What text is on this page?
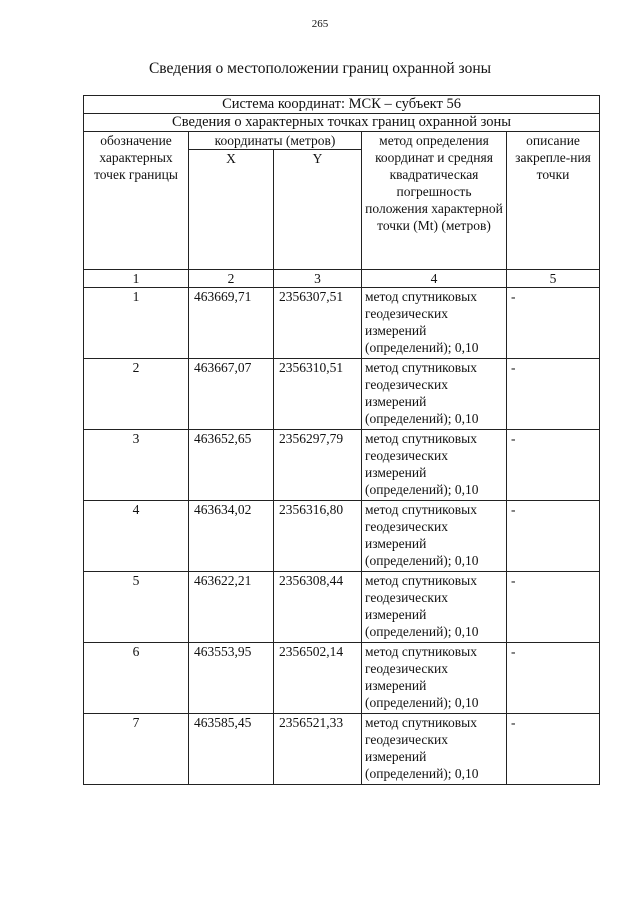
265
Сведения о местоположении границ охранной зоны
Система координат: МСК – субъект 56				
Сведения о характерных точках границ охранной зоны				
обозначение характерных точек границы	координаты (метров)		метод определения координат и средняя квадратическая погрешность положения характерной точки (Mt) (метров)	описание закрепле-ния точки
	X	Y		
1	2	3	4	5
1	463669,71	2356307,51	метод спутниковых геодезических измерений (определений); 0,10	-
2	463667,07	2356310,51	метод спутниковых геодезических измерений (определений); 0,10	-
3	463652,65	2356297,79	метод спутниковых геодезических измерений (определений); 0,10	-
4	463634,02	2356316,80	метод спутниковых геодезических измерений (определений); 0,10	-
5	463622,21	2356308,44	метод спутниковых геодезических измерений (определений); 0,10	-
6	463553,95	2356502,14	метод спутниковых геодезических измерений (определений); 0,10	-
7	463585,45	2356521,33	метод спутниковых геодезических измерений (определений); 0,10	-
